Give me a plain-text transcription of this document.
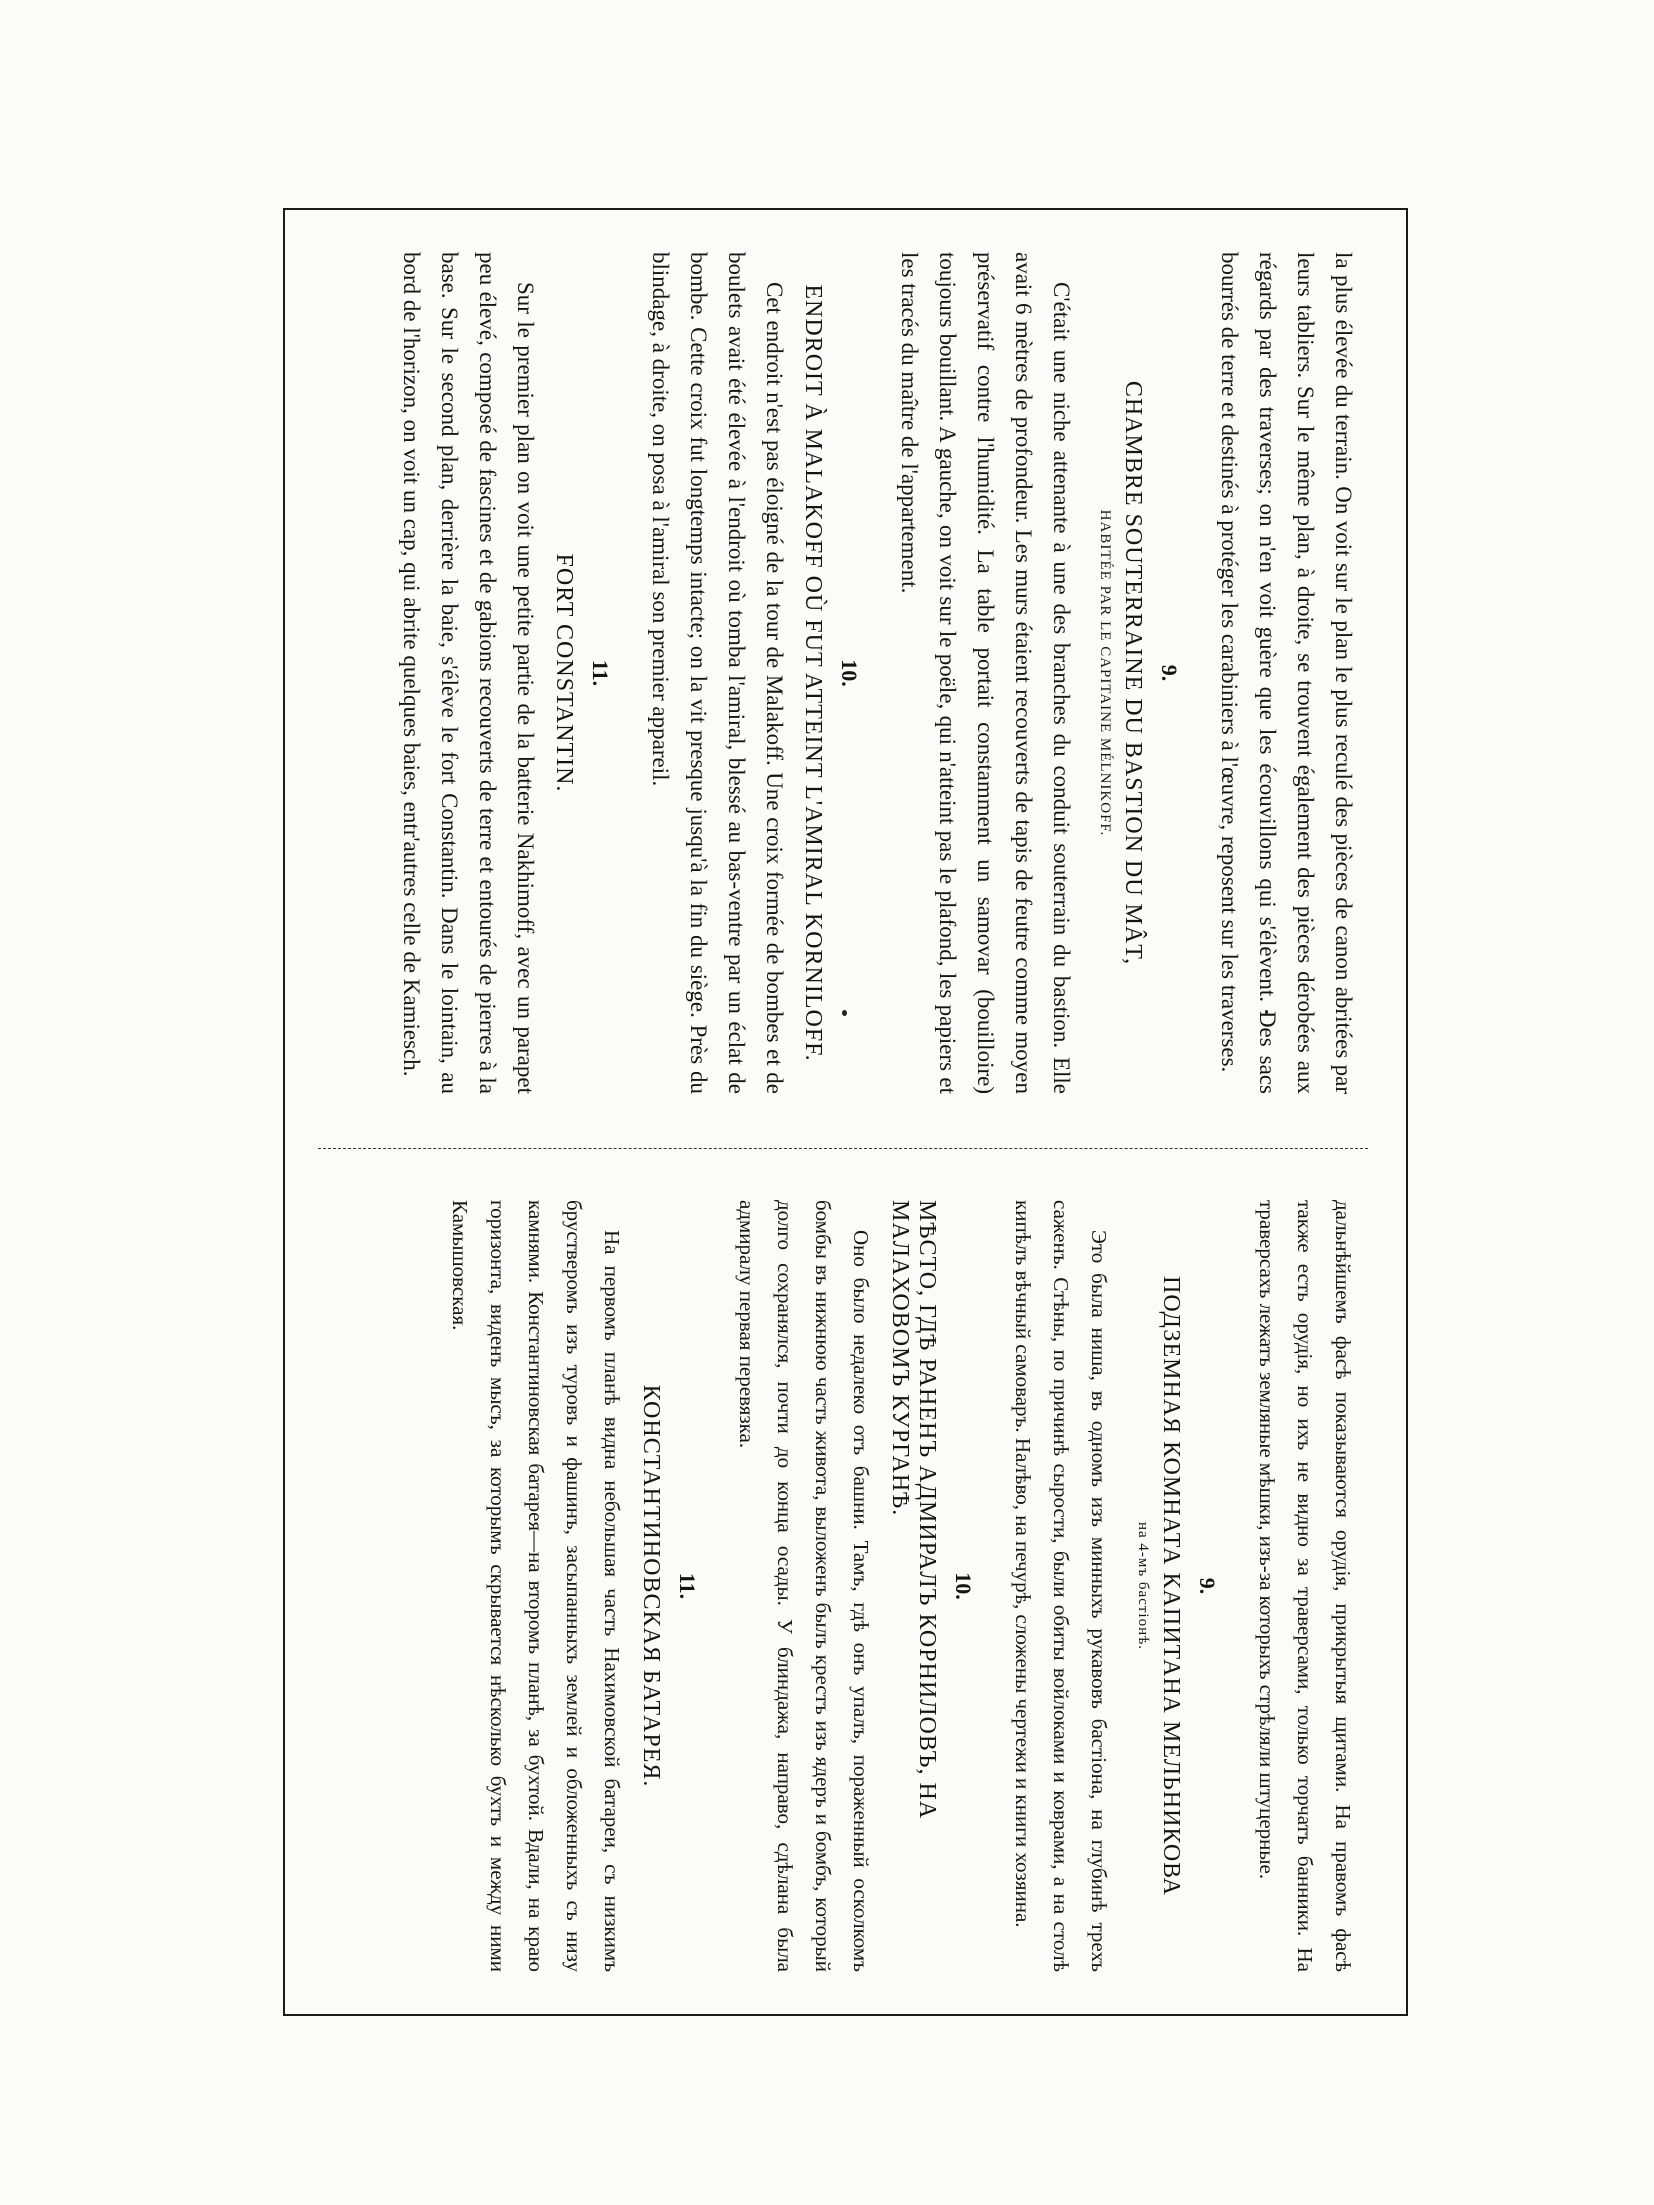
la plus élevée du terrain. On voit sur le plan le plus reculé des pièces de canon abritées par leurs tabliers. Sur le même plan, à droite, se trouvent également des pièces dérobées aux régards par des traverses; on n'en voit guère que les écouvillons qui s'élèvent. Des sacs bourrés de terre et destinés à protéger les carabiniers à l'œuvre, reposent sur les traverses.

9.
CHAMBRE SOUTERRAINE DU BASTION DU MÂT,
HABITÉE PAR LE CAPITAINE MÉLNIKOFF.

C'était une niche attenante à une des branches du conduit souterrain du bastion. Elle avait 6 mètres de profondeur. Les murs étaient recouverts de tapis de feutre comme moyen préservatif contre l'humidité. La table portait constamment un samovar (bouilloire) toujours bouillant. A gauche, on voit sur le poële, qui n'atteint pas le plafond, les papiers et les tracés du maître de l'appartement.

10.
ENDROIT À MALAKOFF OÙ FUT ATTEINT L'AMIRAL KORNILOFF.

Cet endroit n'est pas éloigné de la tour de Malakoff. Une croix formée de bombes et de boulets avait été élevée à l'endroit où tomba l'amiral, blessé au bas-ventre par un éclat de bombe. Cette croix fut longtemps intacte; on la vit presque jusqu'à la fin du siège. Près du blindage, à droite, on posa à l'amiral son premier appareil.

11.
FORT CONSTANTIN.

Sur le premier plan on voit une petite partie de la batterie Nakhimoff, avec un parapet peu élevé, composé de fascines et de gabions recouverts de terre et entourés de pierres à la base. Sur le second plan, derrière la baie, s'élève le fort Constantin. Dans le lointain, au bord de l'horizon, on voit un cap, qui abrite quelques baies, entr'autres celle de Kamiesch.

дальнѣйшемъ фасѣ показываются орудія, прикрытыя щитами. На правомъ фасѣ также есть орудія, но ихъ не видно за траверсами, только торчатъ банники. На траверсахъ лежатъ земляные мѣшки, изъ-за которыхъ стрѣляли штуцерные.

9.
ПОДЗЕМНАЯ КОМНАТА КАПИТАНА МЕЛЬНИКОВА
на 4-мъ бастіонѣ.

Это была ниша, въ одномъ изъ минныхъ рукавовъ бастіона, на глубинѣ трехъ саженъ. Стѣны, по причинѣ сырости, были обиты войлоками и коврами, а на столѣ кипѣлъ вѣчный самоваръ. Налѣво, на печурѣ, сложены чертежи и книги хозяина.

10.
МѢСТО, ГДѢ РАНЕНЪ АДМИРАЛЪ КОРНИЛОВЪ, НА МАЛАХОВОМЪ КУРГАНѢ.

Оно было недалеко отъ башни. Тамъ, гдѣ онъ упалъ, пораженный осколкомъ бомбы въ нижнюю часть живота, выложенъ былъ крестъ изъ ядеръ и бомбъ, который долго сохранялся, почти до конца осады. У блиндажа, направо, сдѣлана была адмиралу первая перевязка.

11.
КОНСТАНТИНОВСКАЯ БАТАРЕЯ.

На первомъ планѣ видна небольшая часть Нахимовской батареи, съ низкимъ брустверомъ изъ туровъ и фашинъ, засыпанныхъ землей и обложенныхъ съ низу камнями. Константиновская батарея—на второмъ планѣ, за бухтой. Вдали, на краю горизонта, виденъ мысъ, за которымъ скрывается нѣсколько бухтъ и между ними Камышовская.
